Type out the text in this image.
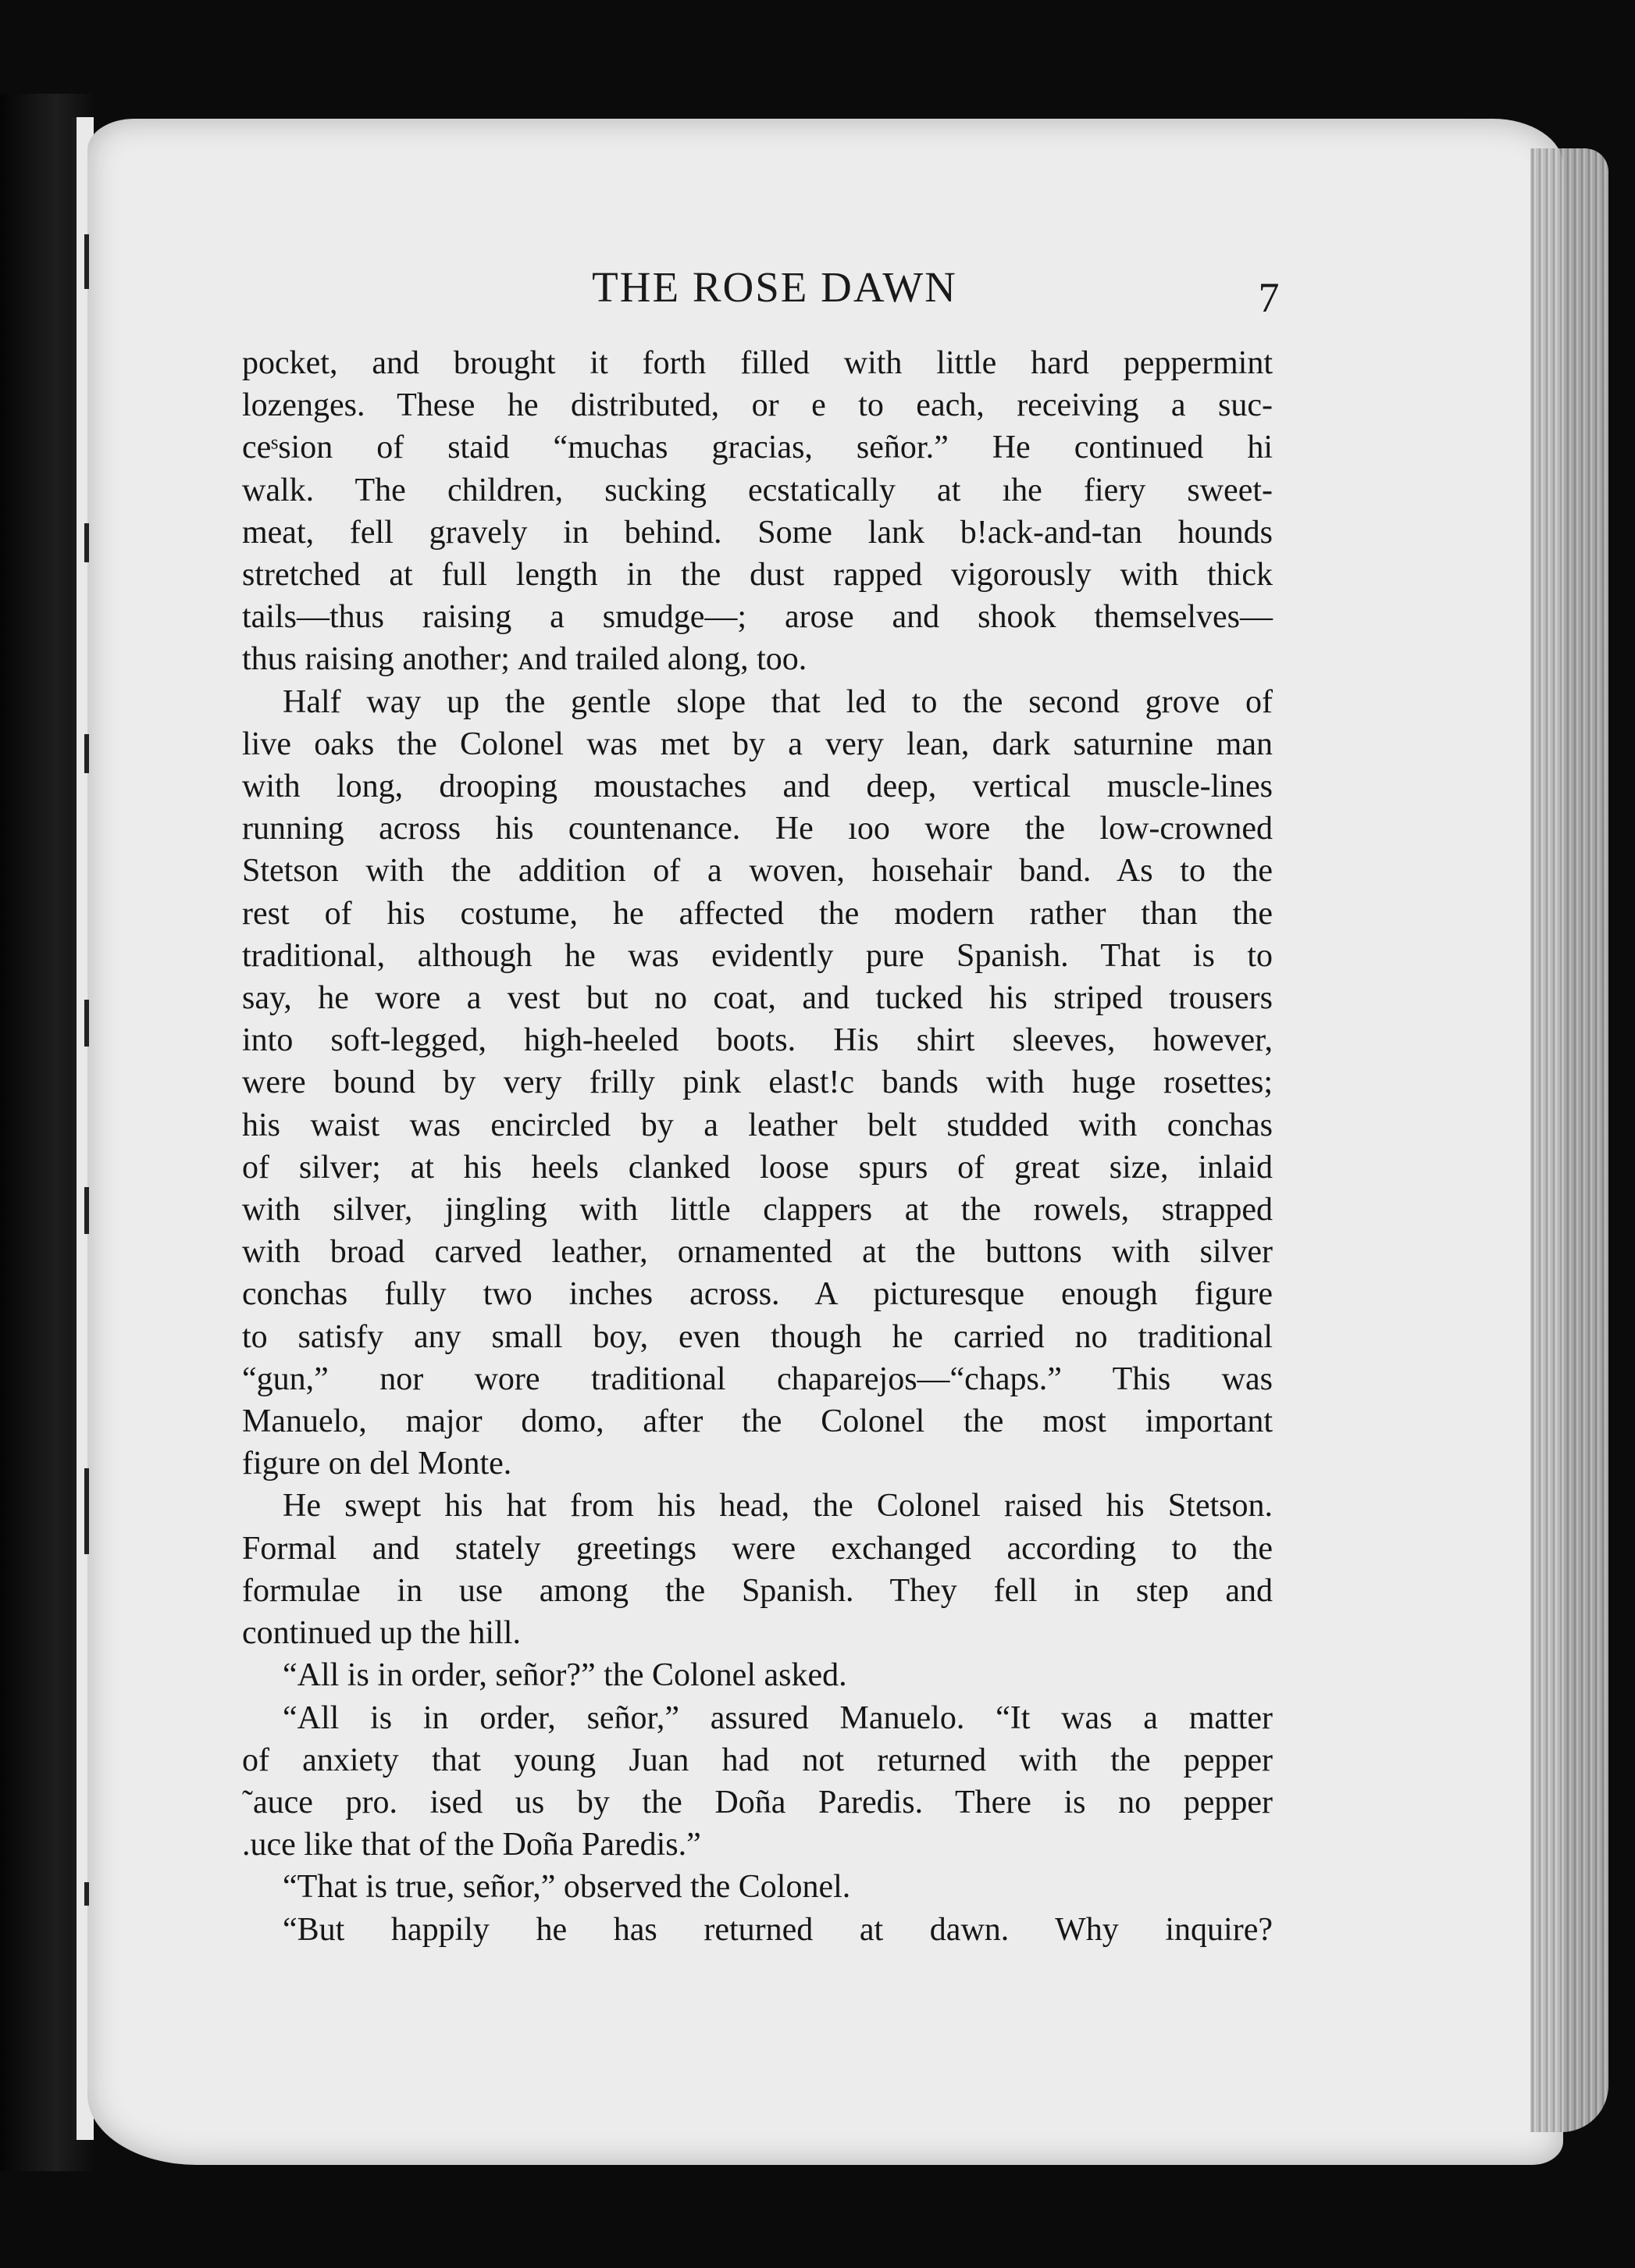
THE ROSE DAWN	7
pocket, and brought it forth filled with little hard peppermint
lozenges. These he distributed, or e to each, receiving a suc-
ceˢsion of staid “muchas gracias, señor.” He continued hi
walk. The children, sucking ecstatically at ıhe fiery sweet-
meat, fell gravely in behind. Some lank b!ack-and-tan hounds
stretched at full length in the dust rapped vigorously with thick
tails—thus raising a smudge—; arose and shook themselves—
thus raising another; ᴀnd trailed along, too.
Half way up the gentle slope that led to the second grove of
live oaks the Colonel was met by a very lean, dark saturnine man
with long, drooping moustaches and deep, vertical muscle-lines
running across his countenance. He ıoo wore the low-crowned
Stetson with the addition of a woven, hoısehair band. As to the
rest of his costume, he affected the modern rather than the
traditional, although he was evidently pure Spanish. That is to
say, he wore a vest but no coat, and tucked his striped trousers
into soft-legged, high-heeled boots. His shirt sleeves, however,
were bound by very frilly pink elast!c bands with huge rosettes;
his waist was encircled by a leather belt studded with conchas
of silver; at his heels clanked loose spurs of great size, inlaid
with silver, jingling with little clappers at the rowels, strapped
with broad carved leather, ornamented at the buttons with silver
conchas fully two inches across. A picturesque enough figure
to satisfy any small boy, even though he carried no traditional
“gun,” nor wore traditional chaparejos—“chaps.” This was
Manuelo, major domo, after the Colonel the most important
figure on del Monte.
He swept his hat from his head, the Colonel raised his Stetson.
Formal and stately greetings were exchanged according to the
formulae in use among the Spanish. They fell in step and
continued up the hill.
“All is in order, señor?” the Colonel asked.
“All is in order, señor,” assured Manuelo. “It was a matter
of anxiety that young Juan had not returned with the pepper
˜auce pro. ised us by the Doña Paredis. There is no pepper
.uce like that of the Doña Paredis.”
“That is true, señor,” observed the Colonel.
“But happily he has returned at dawn. Why inquire?
